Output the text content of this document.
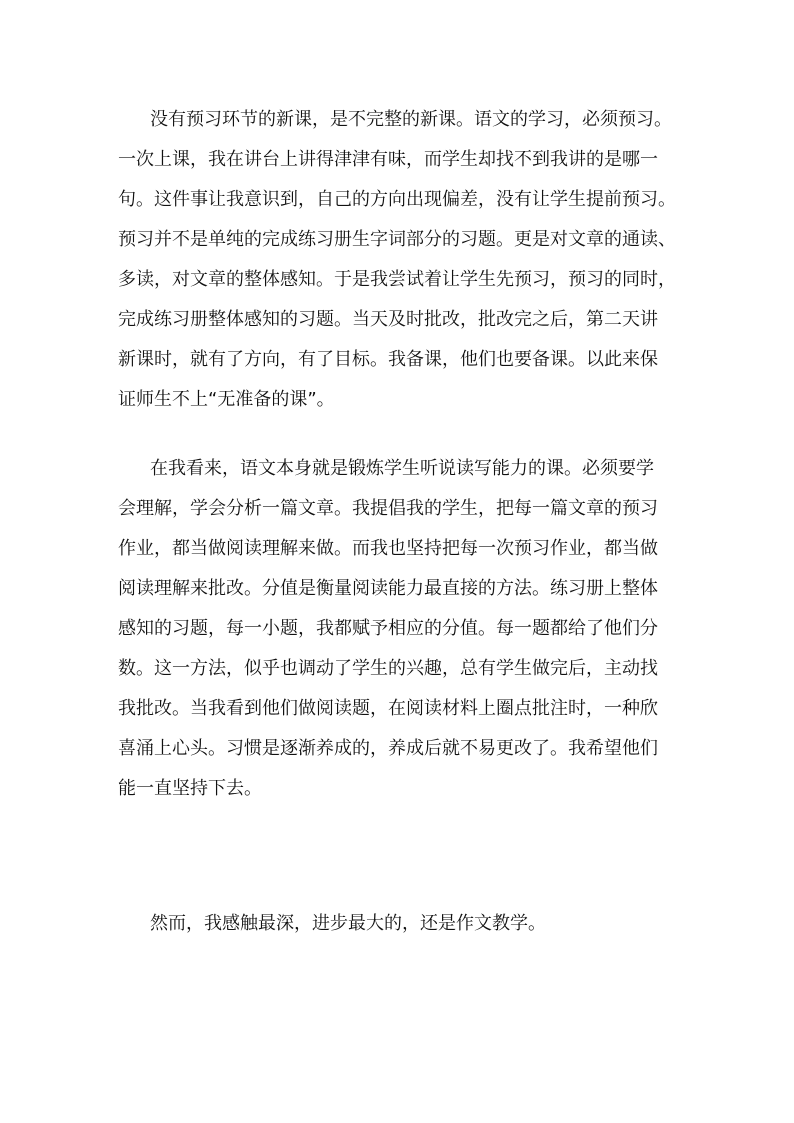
没有预习环节的新课，是不完整的新课。语文的学习，必须预习。
一次上课，我在讲台上讲得津津有味，而学生却找不到我讲的是哪一
句。这件事让我意识到，自己的方向出现偏差，没有让学生提前预习。
预习并不是单纯的完成练习册生字词部分的习题。更是对文章的通读、
多读，对文章的整体感知。于是我尝试着让学生先预习，预习的同时，
完成练习册整体感知的习题。当天及时批改，批改完之后，第二天讲
新课时，就有了方向，有了目标。我备课，他们也要备课。以此来保
证师生不上“无准备的课”。
在我看来，语文本身就是锻炼学生听说读写能力的课。必须要学
会理解，学会分析一篇文章。我提倡我的学生，把每一篇文章的预习
作业，都当做阅读理解来做。而我也坚持把每一次预习作业，都当做
阅读理解来批改。分值是衡量阅读能力最直接的方法。练习册上整体
感知的习题，每一小题，我都赋予相应的分值。每一题都给了他们分
数。这一方法，似乎也调动了学生的兴趣，总有学生做完后，主动找
我批改。当我看到他们做阅读题，在阅读材料上圈点批注时，一种欣
喜涌上心头。习惯是逐渐养成的，养成后就不易更改了。我希望他们
能一直坚持下去。
然而，我感触最深，进步最大的，还是作文教学。
